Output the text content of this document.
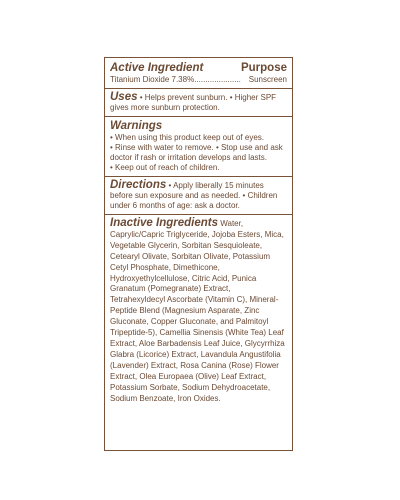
Active Ingredient	Purpose
Titanium Dioxide 7.38%..................... Sunscreen
Uses • Helps prevent sunburn. • Higher SPF gives more sunburn protection.
Warnings
• When using this product keep out of eyes.
• Rinse with water to remove. • Stop use and ask doctor if rash or irritation develops and lasts.
• Keep out of reach of children.
Directions • Apply liberally 15 minutes before sun exposure and as needed. • Children under 6 months of age: ask a doctor.
Inactive Ingredients Water, Caprylic/Capric Triglyceride, Jojoba Esters, Mica, Vegetable Glycerin, Sorbitan Sesquioleate, Cetearyl Olivate, Sorbitan Olivate, Potassium Cetyl Phosphate, Dimethicone, Hydroxyethylcellulose, Citric Acid, Punica Granatum (Pomegranate) Extract, Tetrahexyldecyl Ascorbate (Vitamin C), Mineral-Peptide Blend (Magnesium Asparate, Zinc Gluconate, Copper Gluconate, and Palmitoyl Tripeptide-5), Camellia Sinensis (White Tea) Leaf Extract, Aloe Barbadensis Leaf Juice, Glycyrrhiza Glabra (Licorice) Extract, Lavandula Angustifolia (Lavender) Extract, Rosa Canina (Rose) Flower Extract, Olea Europaea (Olive) Leaf Extract, Potassium Sorbate, Sodium Dehydroacetate, Sodium Benzoate, Iron Oxides.
